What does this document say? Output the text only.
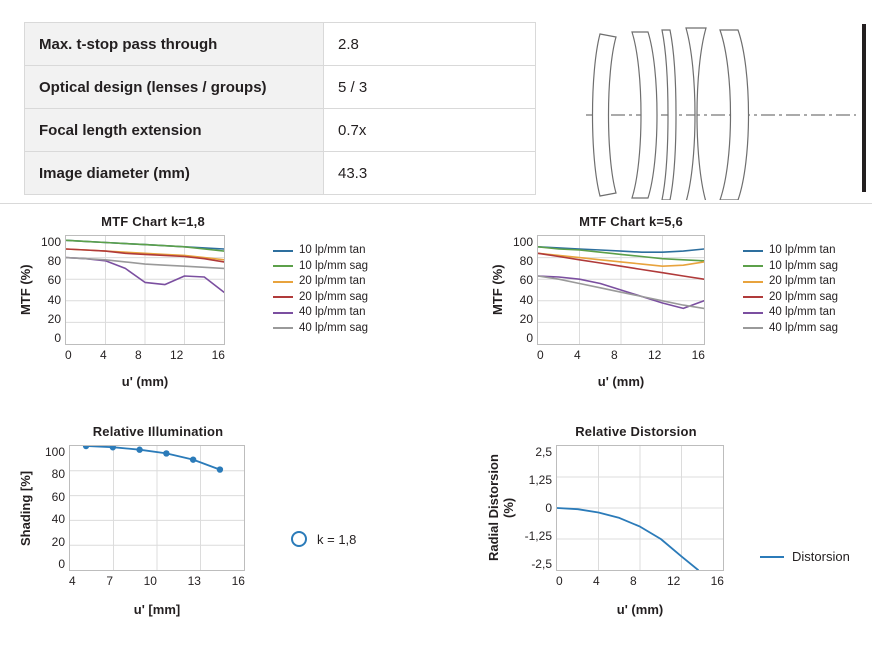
Max. t-stop pass through	2.8
Optical design (lenses / groups)	5 / 3
Focal length extension	0.7x
Image diameter (mm)	43.3
MTF Chart k=1,8
MTF (%)
100
80
60
40
20
0
0 4 8 12 16
u' (mm)
10 lp/mm tan
10 lp/mm sag
20 lp/mm tan
20 lp/mm sag
40 lp/mm tan
40 lp/mm sag
MTF Chart k=5,6
MTF (%)
100
80
60
40
20
0
0	4	8	12	16
u' (mm)
10 lp/mm tan
10 lp/mm sag
20 lp/mm tan
20 lp/mm sag
40 lp/mm tan
40 lp/mm sag
Relative Illumination
Shading [%]
100
80
60
40
20
0
4	7	10	13	16
u' [mm]
k = 1,8
Relative Distorsion
Radial Distorsion (%)
2,5
1,25
0
-1,25
-2,5
0	4	8	12	16
u' (mm)
Distorsion
